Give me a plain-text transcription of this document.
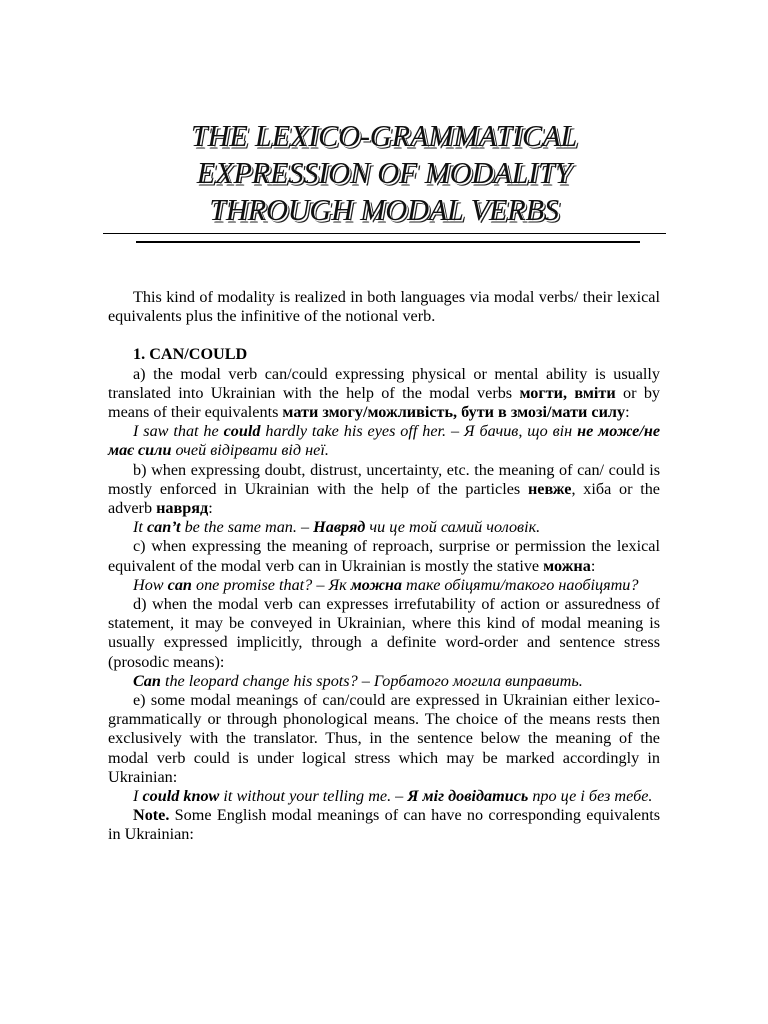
THE LEXICO-GRAMMATICAL
EXPRESSION OF MODALITY
THROUGH MODAL VERBS

This kind of modality is realized in both languages via modal verbs/ their lexical equivalents plus the infinitive of the notional verb.

1. CAN/COULD

a) the modal verb can/could expressing physical or mental ability is usually translated into Ukrainian with the help of the modal verbs могти, вміти or by means of their equivalents мати змогу/можливість, бути в змозі/мати силу:

I saw that he could hardly take his eyes off her. – Я бачив, що він не може/не має сили очей відірвати від неї.

b) when expressing doubt, distrust, uncertainty, etc. the meaning of can/ could is mostly enforced in Ukrainian with the help of the particles невже, хіба or the adverb навряд:

It can’t be the same man. – Навряд чи це той самий чоловік.

c) when expressing the meaning of reproach, surprise or permission the lexical equivalent of the modal verb can in Ukrainian is mostly the stative можна:

How can one promise that? – Як можна таке обіцяти/такого наобіцяти?

d) when the modal verb can expresses irrefutability of action or assuredness of statement, it may be conveyed in Ukrainian, where this kind of modal meaning is usually expressed implicitly, through a definite word-order and sentence stress (prosodic means):

Can the leopard change his spots? – Горбатого могила виправить.

e) some modal meanings of can/could are expressed in Ukrainian either lexico-grammatically or through phonological means. The choice of the means rests then exclusively with the translator. Thus, in the sentence below the meaning of the modal verb could is under logical stress which may be marked accordingly in Ukrainian:

I could know it without your telling me. – Я міг довідатись про це і без тебе.

Note. Some English modal meanings of can have no corresponding equivalents in Ukrainian:
